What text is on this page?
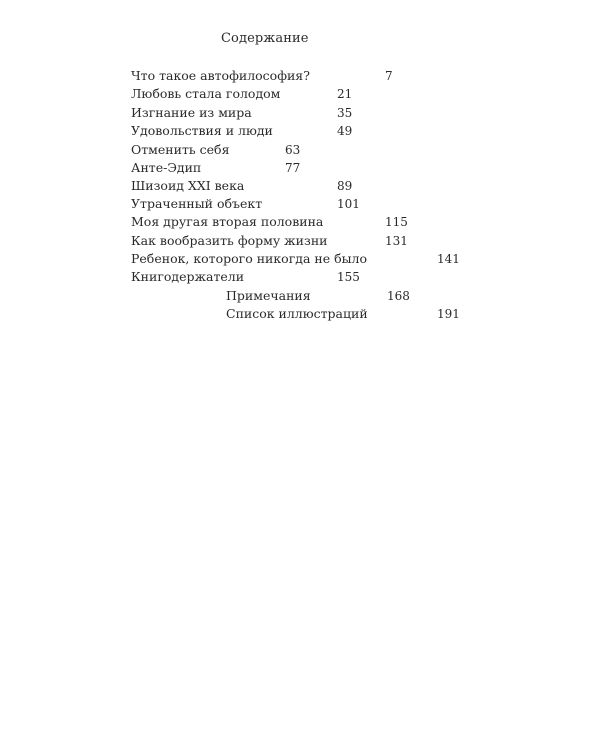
Содержание
Что такое автофилософия?	7
Любовь стала голодом	21
Изгнание из мира	35
Удовольствия и люди	49
Отменить себя	63
Анте-Эдип	77
Шизоид XXI века	89
Утраченный объект	101
Моя другая вторая половина	115
Как вообразить форму жизни	131
Ребенок, которого никогда не было	141
Книгодержатели	155
Примечания	168
Список иллюстраций	191
